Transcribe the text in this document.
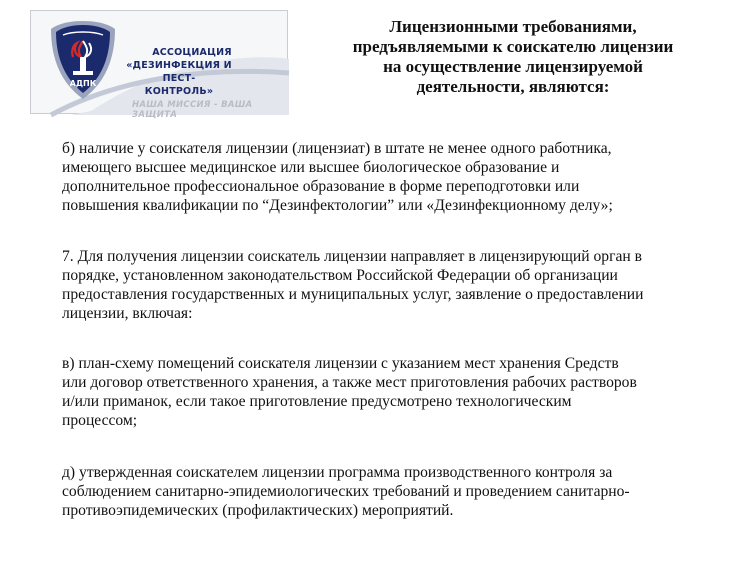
АДПК
АССОЦИАЦИЯ
«ДЕЗИНФЕКЦИЯ И ПЕСТ-
КОНТРОЛЬ»
НАША МИССИЯ - ВАША ЗАЩИТА
Лицензионными требованиями,
предъявляемыми к соискателю лицензии
на осуществление лицензируемой
деятельности, являются:
б) наличие у соискателя лицензии (лицензиат) в штате не менее одного работника,
имеющего высшее медицинское или высшее биологическое образование и
дополнительное профессиональное образование в форме переподготовки или
повышения квалификации по “Дезинфектологии” или «Дезинфекционному делу»;
7. Для получения лицензии соискатель лицензии направляет в лицензирующий орган в
порядке, установленном законодательством Российской Федерации об организации
предоставления государственных и муниципальных услуг, заявление о предоставлении
лицензии, включая:
в) план-схему помещений соискателя лицензии с указанием мест хранения Средств
или договор ответственного хранения, а также мест приготовления рабочих растворов
и/или приманок, если такое приготовление предусмотрено технологическим
процессом;
д) утвержденная соискателем лицензии программа производственного контроля за
соблюдением санитарно-эпидемиологических требований и проведением санитарно-
противоэпидемических (профилактических) мероприятий.
